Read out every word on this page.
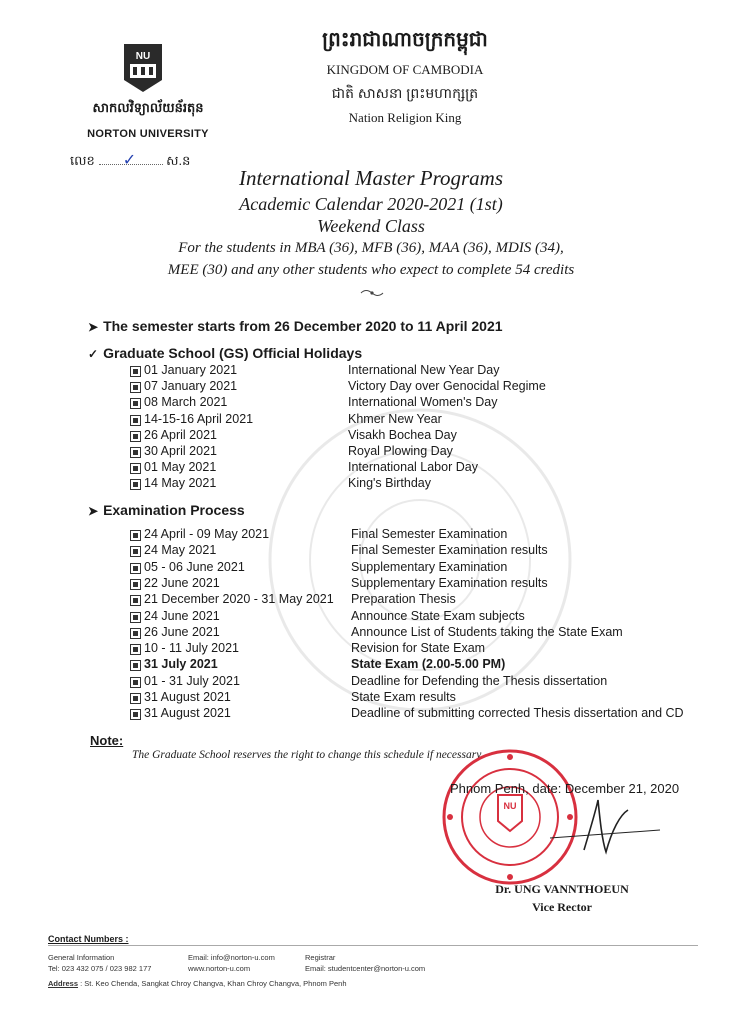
NU
សាកលវិទ្យាល័យន័រតុន
NORTON UNIVERSITY
លេខ ✓ ស.ន
ព្រះរាជាណាចក្រកម្ពុជា
KINGDOM OF CAMBODIA
ជាតិ សាសនា ព្រះមហាក្សត្រ
Nation Religion King
International Master Programs
Academic Calendar 2020-2021 (1st)
Weekend Class
For the students in MBA (36), MFB (36), MAA (36), MDIS (34),
MEE (30) and any other students who expect to complete 54 credits
➤ The semester starts from 26 December 2020 to 11 April 2021
✓ Graduate School (GS) Official Holidays
01 January 2021	International New Year Day
07 January 2021	Victory Day over Genocidal Regime
08 March 2021	International Women's Day
14-15-16 April 2021	Khmer New Year
26 April 2021	Visakh Bochea Day
30 April 2021	Royal Plowing Day
01 May 2021	International Labor Day
14 May 2021	King's Birthday
➤ Examination Process
24 April - 09 May 2021	Final Semester Examination
24 May 2021	Final Semester Examination results
05 - 06 June 2021	Supplementary Examination
22 June 2021	Supplementary Examination results
21 December 2020 - 31 May 2021 Preparation Thesis
24 June 2021	Announce State Exam subjects
26 June 2021	Announce List of Students taking the State Exam
10 - 11 July 2021	Revision for State Exam
31 July 2021	State Exam (2.00-5.00 PM)
01 - 31 July 2021	Deadline for Defending the Thesis dissertation
31 August 2021	State Exam results
31 August 2021	Deadline of submitting corrected Thesis dissertation and CD
Note:
The Graduate School reserves the right to change this schedule if necessary.
NU
Phnom Penh, date: December 21, 2020
Dr. UNG VANNTHOEUN
Vice Rector
Contact Numbers :
General Information
Tel: 023 432 075 / 023 982 177
Email: info@norton-u.com
www.norton-u.com
Registrar
Email: studentcenter@norton-u.com
Address : St. Keo Chenda, Sangkat Chroy Changva, Khan Chroy Changva, Phnom Penh
